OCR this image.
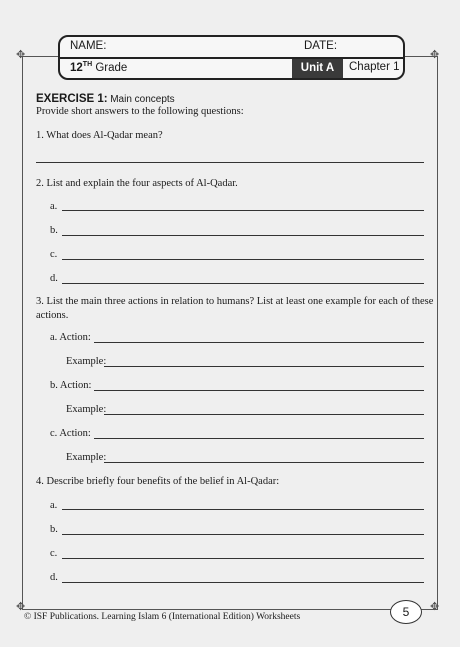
✥	✥
✥	✥
NAME:	DATE:
12TH Grade	Unit A	Chapter 1
EXERCISE 1: Main concepts
Provide short answers to the following questions:
1. What does Al-Qadar mean?
2. List and explain the four aspects of Al-Qadar.
a.
b.
c.
d.
3. List the main three actions in relation to humans? List at least one example for each of these
actions.
a. Action:
Example:
b. Action:
Example:
c. Action:
Example:
4. Describe briefly four benefits of the belief in Al-Qadar:
a.
b.
c.
d.
© ISF Publications. Learning Islam 6 (International Edition) Worksheets	5
